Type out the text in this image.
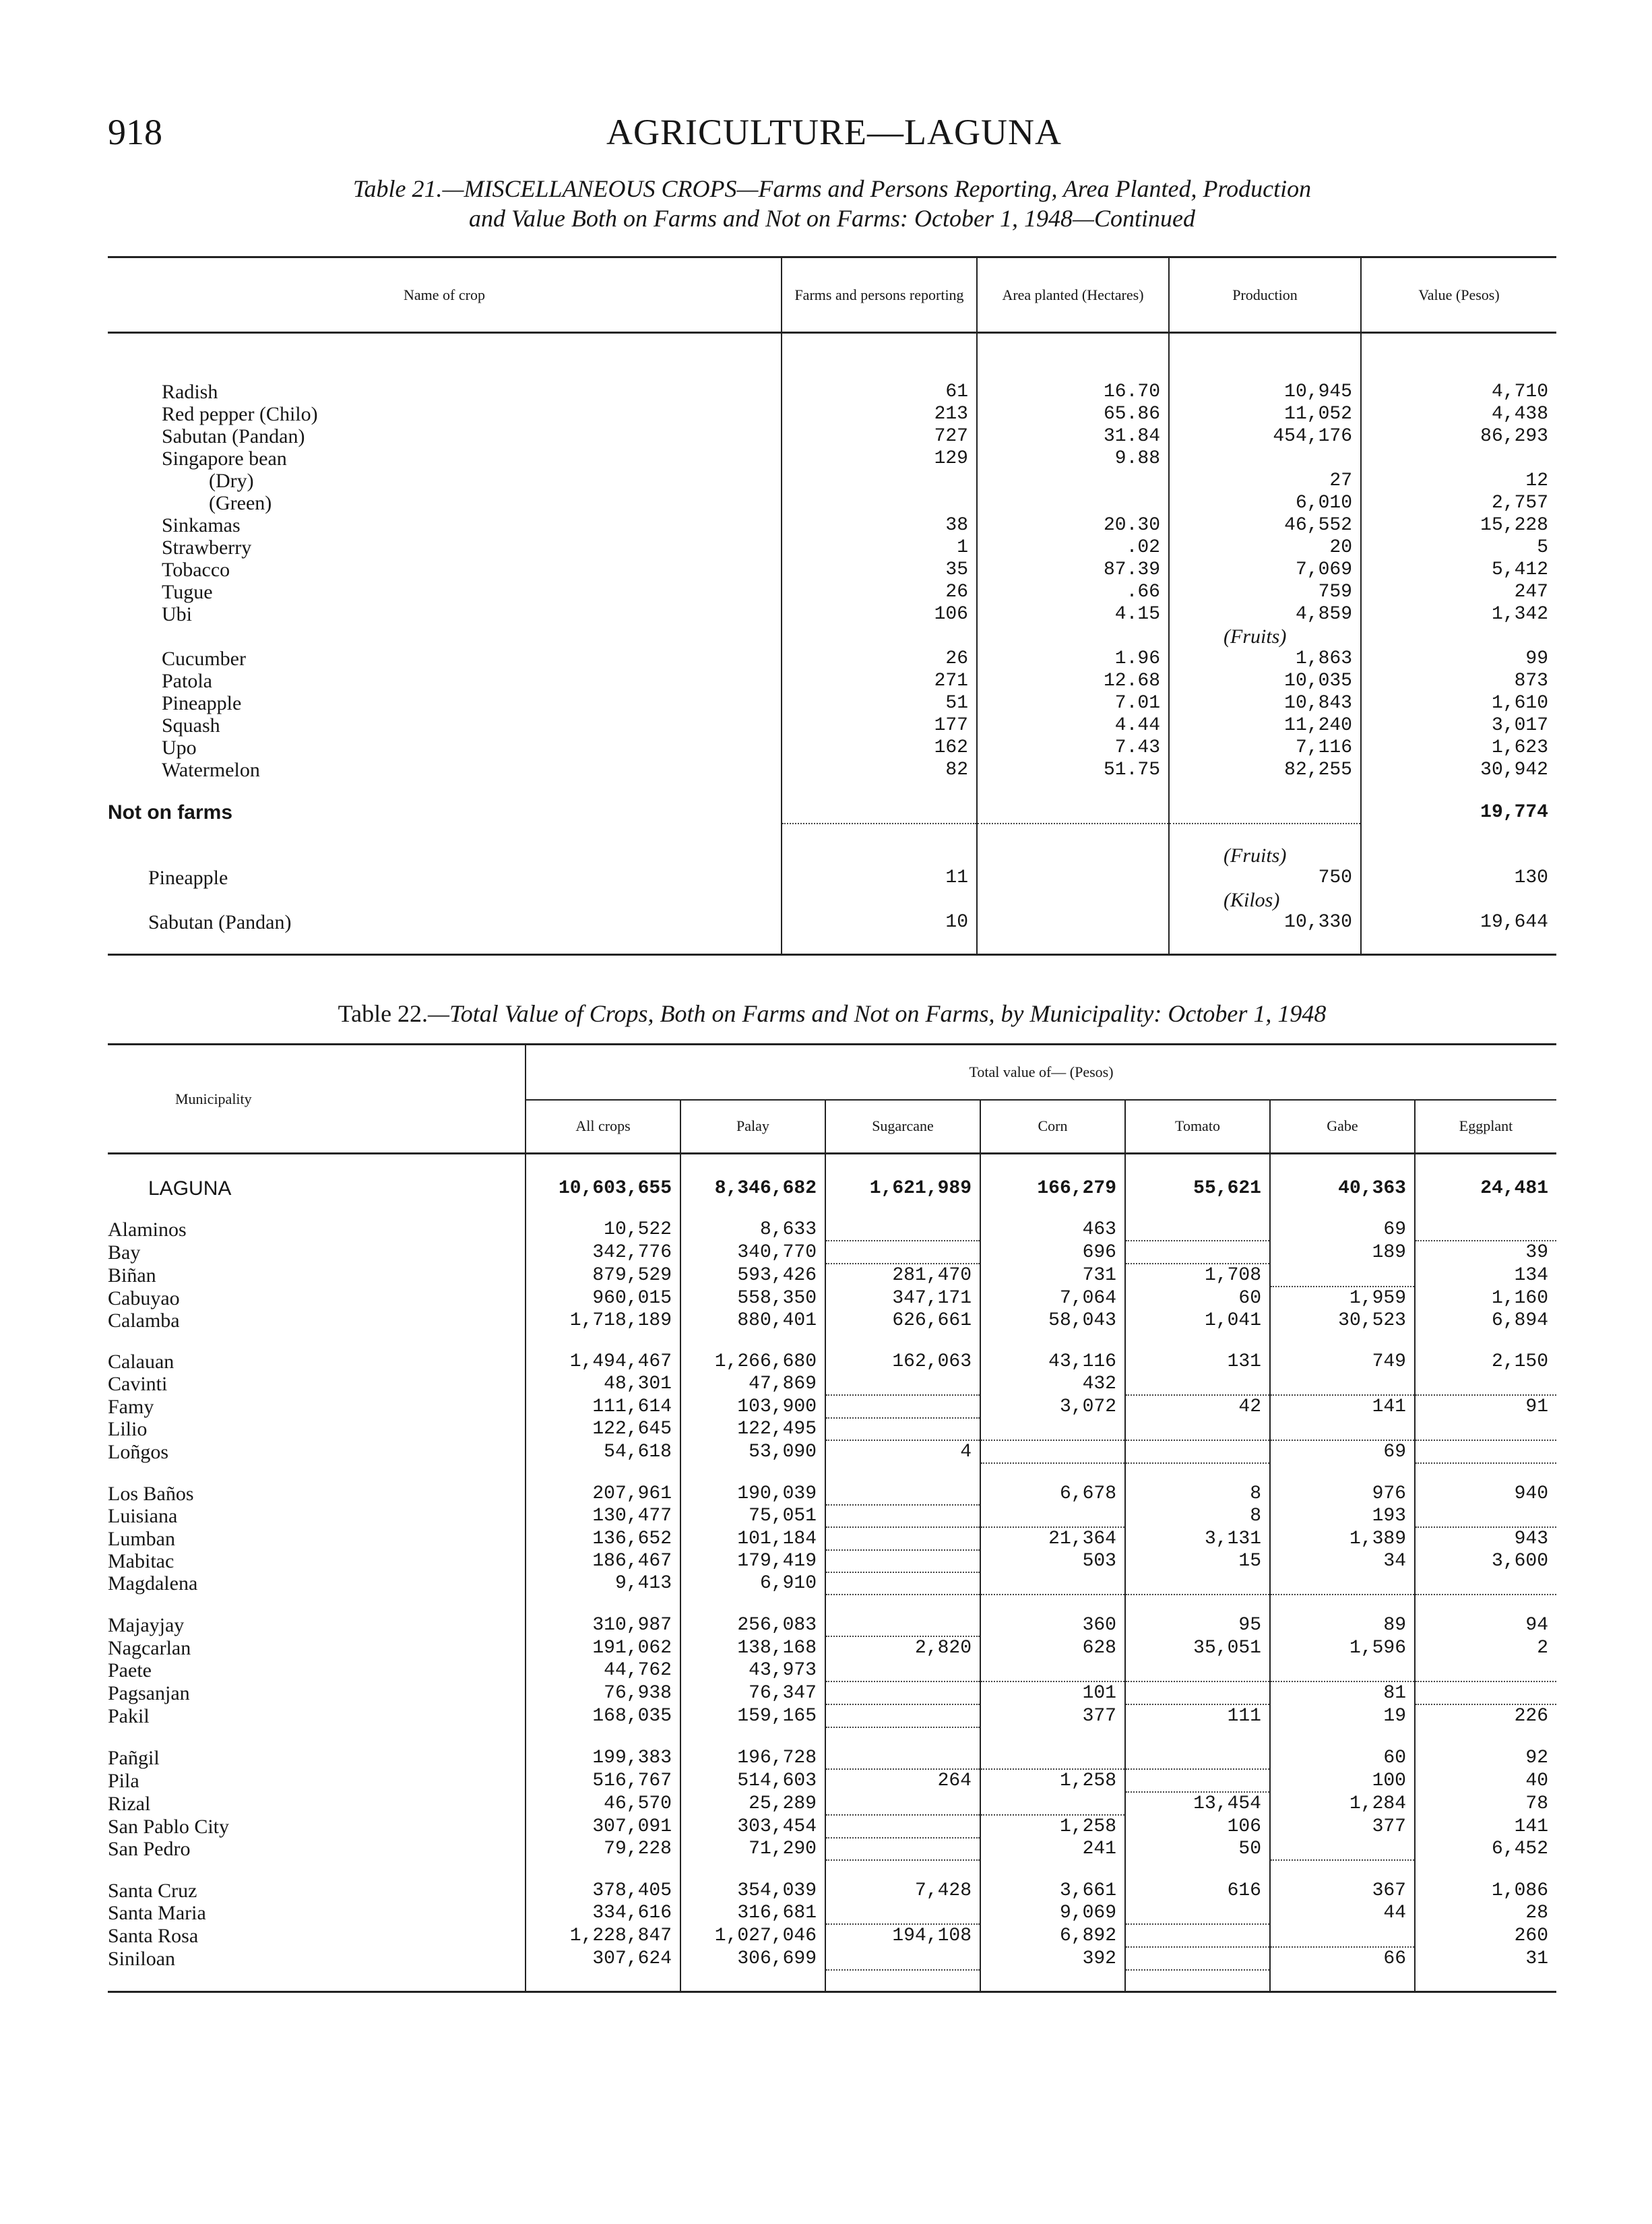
918	AGRICULTURE—LAGUNA
Table 21.—MISCELLANEOUS CROPS—Farms and Persons Reporting, Area Planted, Production
and Value Both on Farms and Not on Farms: October 1, 1948—Continued
Name of crop	Farms and persons reporting	Area planted (Hectares)	Production	Value (Pesos)

Radish	61	16.70	10,945	4,710
Red pepper (Chilo)	213	65.86	11,052	4,438
Sabutan (Pandan)	727	31.84	454,176	86,293
Singapore bean	129	9.88		
(Dry)			27	12
(Green)			6,010	2,757
Sinkamas	38	20.30	46,552	15,228
Strawberry	1	.02	20	5
Tobacco	35	87.39	7,069	5,412
Tugue	26	.66	759	247
Ubi	106	4.15	4,859	1,342
			(Fruits)	
Cucumber	26	1.96	1,863	99
Patola	271	12.68	10,035	873
Pineapple	51	7.01	10,843	1,610
Squash	177	4.44	11,240	3,017
Upo	162	7.43	7,116	1,623
Watermelon	82	51.75	82,255	30,942

Not on farms				19,774

			(Fruits)	
Pineapple	11		750	130
			(Kilos)	
Sabutan (Pandan)	10		10,330	19,644

Table 22.—Total Value of Crops, Both on Farms and Not on Farms, by Municipality: October 1, 1948
Municipality	Total value of— (Pesos)						
	All crops	Palay	Sugarcane	Corn	Tomato	Gabe	Eggplant

LAGUNA	10,603,655	8,346,682	1,621,989	166,279	55,621	40,363	24,481

Alaminos	10,522	8,633		463		69	
Bay	342,776	340,770		696		189	39
Biñan	879,529	593,426	281,470	731	1,708		134
Cabuyao	960,015	558,350	347,171	7,064	60	1,959	1,160
Calamba	1,718,189	880,401	626,661	58,043	1,041	30,523	6,894

Calauan	1,494,467	1,266,680	162,063	43,116	131	749	2,150
Cavinti	48,301	47,869		432			
Famy	111,614	103,900		3,072	42	141	91
Lilio	122,645	122,495					
Loñgos	54,618	53,090	4			69	

Los Baños	207,961	190,039		6,678	8	976	940
Luisiana	130,477	75,051			8	193	
Lumban	136,652	101,184		21,364	3,131	1,389	943
Mabitac	186,467	179,419		503	15	34	3,600
Magdalena	9,413	6,910					

Majayjay	310,987	256,083		360	95	89	94
Nagcarlan	191,062	138,168	2,820	628	35,051	1,596	2
Paete	44,762	43,973					
Pagsanjan	76,938	76,347		101		81	
Pakil	168,035	159,165		377	111	19	226

Pañgil	199,383	196,728				60	92
Pila	516,767	514,603	264	1,258		100	40
Rizal	46,570	25,289			13,454	1,284	78
San Pablo City	307,091	303,454		1,258	106	377	141
San Pedro	79,228	71,290		241	50		6,452

Santa Cruz	378,405	354,039	7,428	3,661	616	367	1,086
Santa Maria	334,616	316,681		9,069		44	28
Santa Rosa	1,228,847	1,027,046	194,108	6,892			260
Siniloan	307,624	306,699		392		66	31
